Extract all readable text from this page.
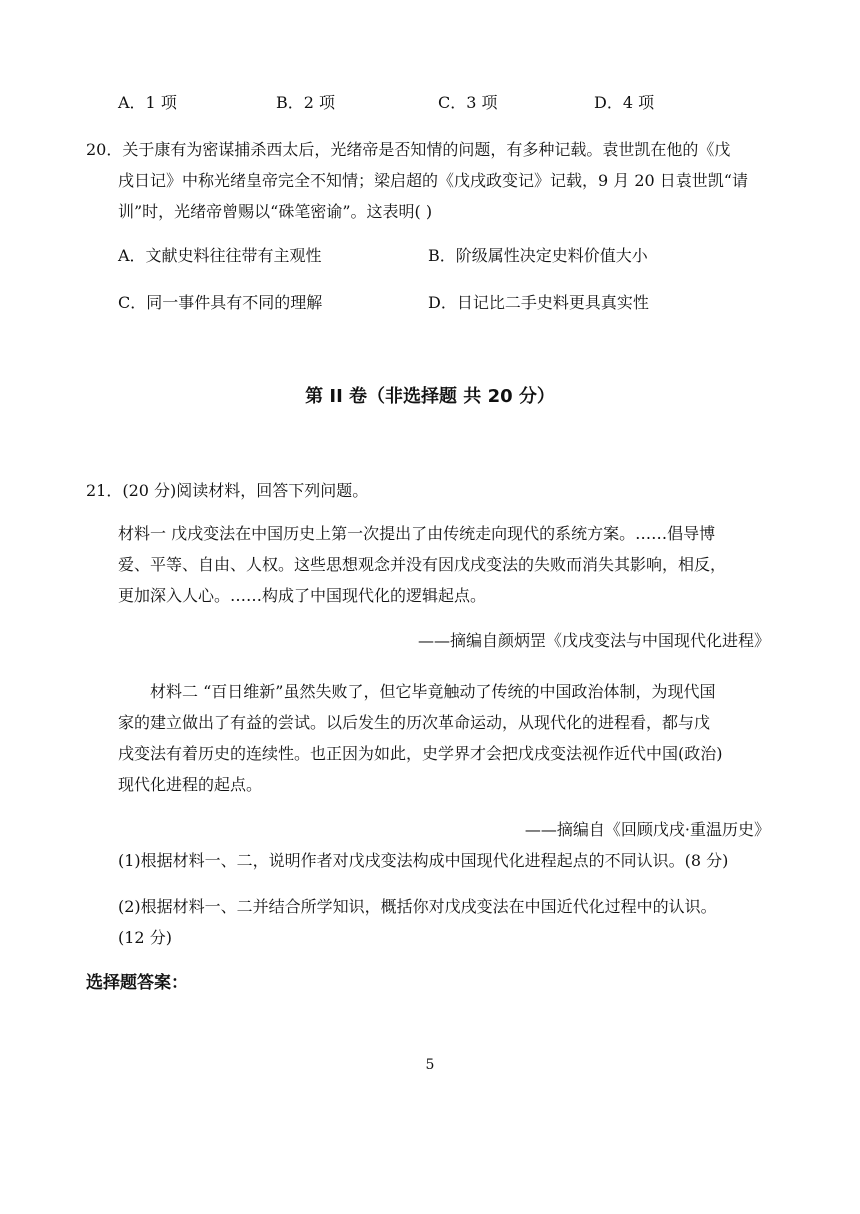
A．1 项	B．2 项	C．3 项	D．4 项
20．关于康有为密谋捕杀西太后，光绪帝是否知情的问题，有多种记载。袁世凯在他的《戊
戌日记》中称光绪皇帝完全不知情；梁启超的《戊戌政变记》记载，9 月 20 日袁世凯“请
训”时，光绪帝曾赐以“硃笔密谕”。这表明( )
A．文献史料往往带有主观性	B．阶级属性决定史料价值大小
C．同一事件具有不同的理解	D．日记比二手史料更具真实性
第 II 卷（非选择题 共 20 分）
21．(20 分)阅读材料，回答下列问题。
材料一 戊戌变法在中国历史上第一次提出了由传统走向现代的系统方案。……倡导博
爱、平等、自由、人权。这些思想观念并没有因戊戌变法的失败而消失其影响，相反，
更加深入人心。……构成了中国现代化的逻辑起点。
——摘编自颜炳罡《戊戌变法与中国现代化进程》
材料二 “百日维新”虽然失败了，但它毕竟触动了传统的中国政治体制，为现代国
家的建立做出了有益的尝试。以后发生的历次革命运动，从现代化的进程看，都与戊
戌变法有着历史的连续性。也正因为如此，史学界才会把戊戌变法视作近代中国(政治)
现代化进程的起点。
——摘编自《回顾戊戌·重温历史》
(1)根据材料一、二，说明作者对戊戌变法构成中国现代化进程起点的不同认识。(8 分)
(2)根据材料一、二并结合所学知识，概括你对戊戌变法在中国近代化过程中的认识。
(12 分)
选择题答案：
5
